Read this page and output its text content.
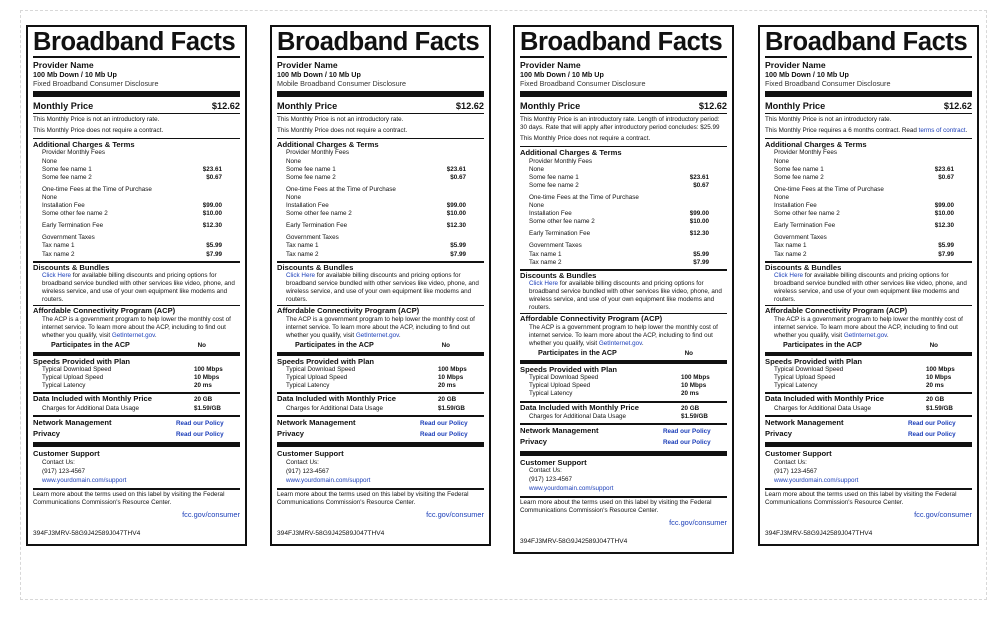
Broadband Facts
Provider Name
100 Mb Down / 10 Mb Up
Fixed Broadband Consumer Disclosure
Monthly Price	$12.62
This Monthly Price is not an introductory rate.
This Monthly Price does not require a contract.
Additional Charges & Terms
Provider Monthly Fees
None
Some fee name 1	$23.61
Some fee name 2	$0.67
One-time Fees at the Time of Purchase
None
Installation Fee	$99.00
Some other fee name 2	$10.00
Early Termination Fee	$12.30
Government Taxes
Tax name 1	$5.99
Tax name 2	$7.99
Discounts & Bundles
Click Here for available billing discounts and pricing options for broadband service bundled with other services like video, phone, and wireless service, and use of your own equipment like modems and routers.
Affordable Connectivity Program (ACP)
The ACP is a government program to help lower the monthly cost of internet service. To learn more about the ACP, including to find out whether you qualify, visit GetInternet.gov.
Participates in the ACP	No
Speeds Provided with Plan
Typical Download Speed	100 Mbps
Typical Upload Speed	10 Mbps
Typical Latency	20 ms
Data Included with Monthly Price	20 GB
Charges for Additional Data Usage	$1.59/GB
Network Management	Read our Policy
Privacy	Read our Policy
Customer Support
Contact Us:
(917) 123-4567
www.yourdomain.com/support
Learn more about the terms used on this label by visiting the Federal Communications Commission's Resource Center.
fcc.gov/consumer
394FJ3MRV-58G9J42589J047THV4
Broadband Facts
Provider Name
100 Mb Down / 10 Mb Up
Mobile Broadband Consumer Disclosure
Monthly Price	$12.62
This Monthly Price is not an introductory rate.
This Monthly Price does not require a contract.
Additional Charges & Terms
Provider Monthly Fees
None
Some fee name 1	$23.61
Some fee name 2	$0.67
One-time Fees at the Time of Purchase
None
Installation Fee	$99.00
Some other fee name 2	$10.00
Early Termination Fee	$12.30
Government Taxes
Tax name 1	$5.99
Tax name 2	$7.99
Discounts & Bundles
Click Here for available billing discounts and pricing options for broadband service bundled with other services like video, phone, and wireless service, and use of your own equipment like modems and routers.
Affordable Connectivity Program (ACP)
The ACP is a government program to help lower the monthly cost of internet service. To learn more about the ACP, including to find out whether you qualify, visit GetInternet.gov.
Participates in the ACP	No
Speeds Provided with Plan
Typical Download Speed	100 Mbps
Typical Upload Speed	10 Mbps
Typical Latency	20 ms
Data Included with Monthly Price	20 GB
Charges for Additional Data Usage	$1.59/GB
Network Management	Read our Policy
Privacy	Read our Policy
Customer Support
Contact Us:
(917) 123-4567
www.yourdomain.com/support
Learn more about the terms used on this label by visiting the Federal Communications Commission's Resource Center.
fcc.gov/consumer
394FJ3MRV-58G9J42589J047THV4
Broadband Facts
Provider Name
100 Mb Down / 10 Mb Up
Fixed Broadband Consumer Disclosure
Monthly Price	$12.62
This Monthly Price is an introductory rate. Length of introductory period: 30 days. Rate that will apply after introductory period concludes: $25.99
This Monthly Price does not require a contract.
Additional Charges & Terms
Provider Monthly Fees
None
Some fee name 1	$23.61
Some fee name 2	$0.67
One-time Fees at the Time of Purchase
None
Installation Fee	$99.00
Some other fee name 2	$10.00
Early Termination Fee	$12.30
Government Taxes
Tax name 1	$5.99
Tax name 2	$7.99
Discounts & Bundles
Click Here for available billing discounts and pricing options for broadband service bundled with other services like video, phone, and wireless service, and use of your own equipment like modems and routers.
Affordable Connectivity Program (ACP)
The ACP is a government program to help lower the monthly cost of internet service. To learn more about the ACP, including to find out whether you qualify, visit GetInternet.gov.
Participates in the ACP	No
Speeds Provided with Plan
Typical Download Speed	100 Mbps
Typical Upload Speed	10 Mbps
Typical Latency	20 ms
Data Included with Monthly Price	20 GB
Charges for Additional Data Usage	$1.59/GB
Network Management	Read our Policy
Privacy	Read our Policy
Customer Support
Contact Us:
(917) 123-4567
www.yourdomain.com/support
Learn more about the terms used on this label by visiting the Federal Communications Commission's Resource Center.
fcc.gov/consumer
394FJ3MRV-58G9J42589J047THV4
Broadband Facts
Provider Name
100 Mb Down / 10 Mb Up
Fixed Broadband Consumer Disclosure
Monthly Price	$12.62
This Monthly Price is not an introductory rate.
This Monthly Price requires a 6 months contract. Read terms of contract.
Additional Charges & Terms
Provider Monthly Fees
None
Some fee name 1	$23.61
Some fee name 2	$0.67
One-time Fees at the Time of Purchase
None
Installation Fee	$99.00
Some other fee name 2	$10.00
Early Termination Fee	$12.30
Government Taxes
Tax name 1	$5.99
Tax name 2	$7.99
Discounts & Bundles
Click Here for available billing discounts and pricing options for broadband service bundled with other services like video, phone, and wireless service, and use of your own equipment like modems and routers.
Affordable Connectivity Program (ACP)
The ACP is a government program to help lower the monthly cost of internet service. To learn more about the ACP, including to find out whether you qualify, visit GetInternet.gov.
Participates in the ACP	No
Speeds Provided with Plan
Typical Download Speed	100 Mbps
Typical Upload Speed	10 Mbps
Typical Latency	20 ms
Data Included with Monthly Price	20 GB
Charges for Additional Data Usage	$1.59/GB
Network Management	Read our Policy
Privacy	Read our Policy
Customer Support
Contact Us:
(917) 123-4567
www.yourdomain.com/support
Learn more about the terms used on this label by visiting the Federal Communications Commission's Resource Center.
fcc.gov/consumer
394FJ3MRV-58G9J42589J047THV4
